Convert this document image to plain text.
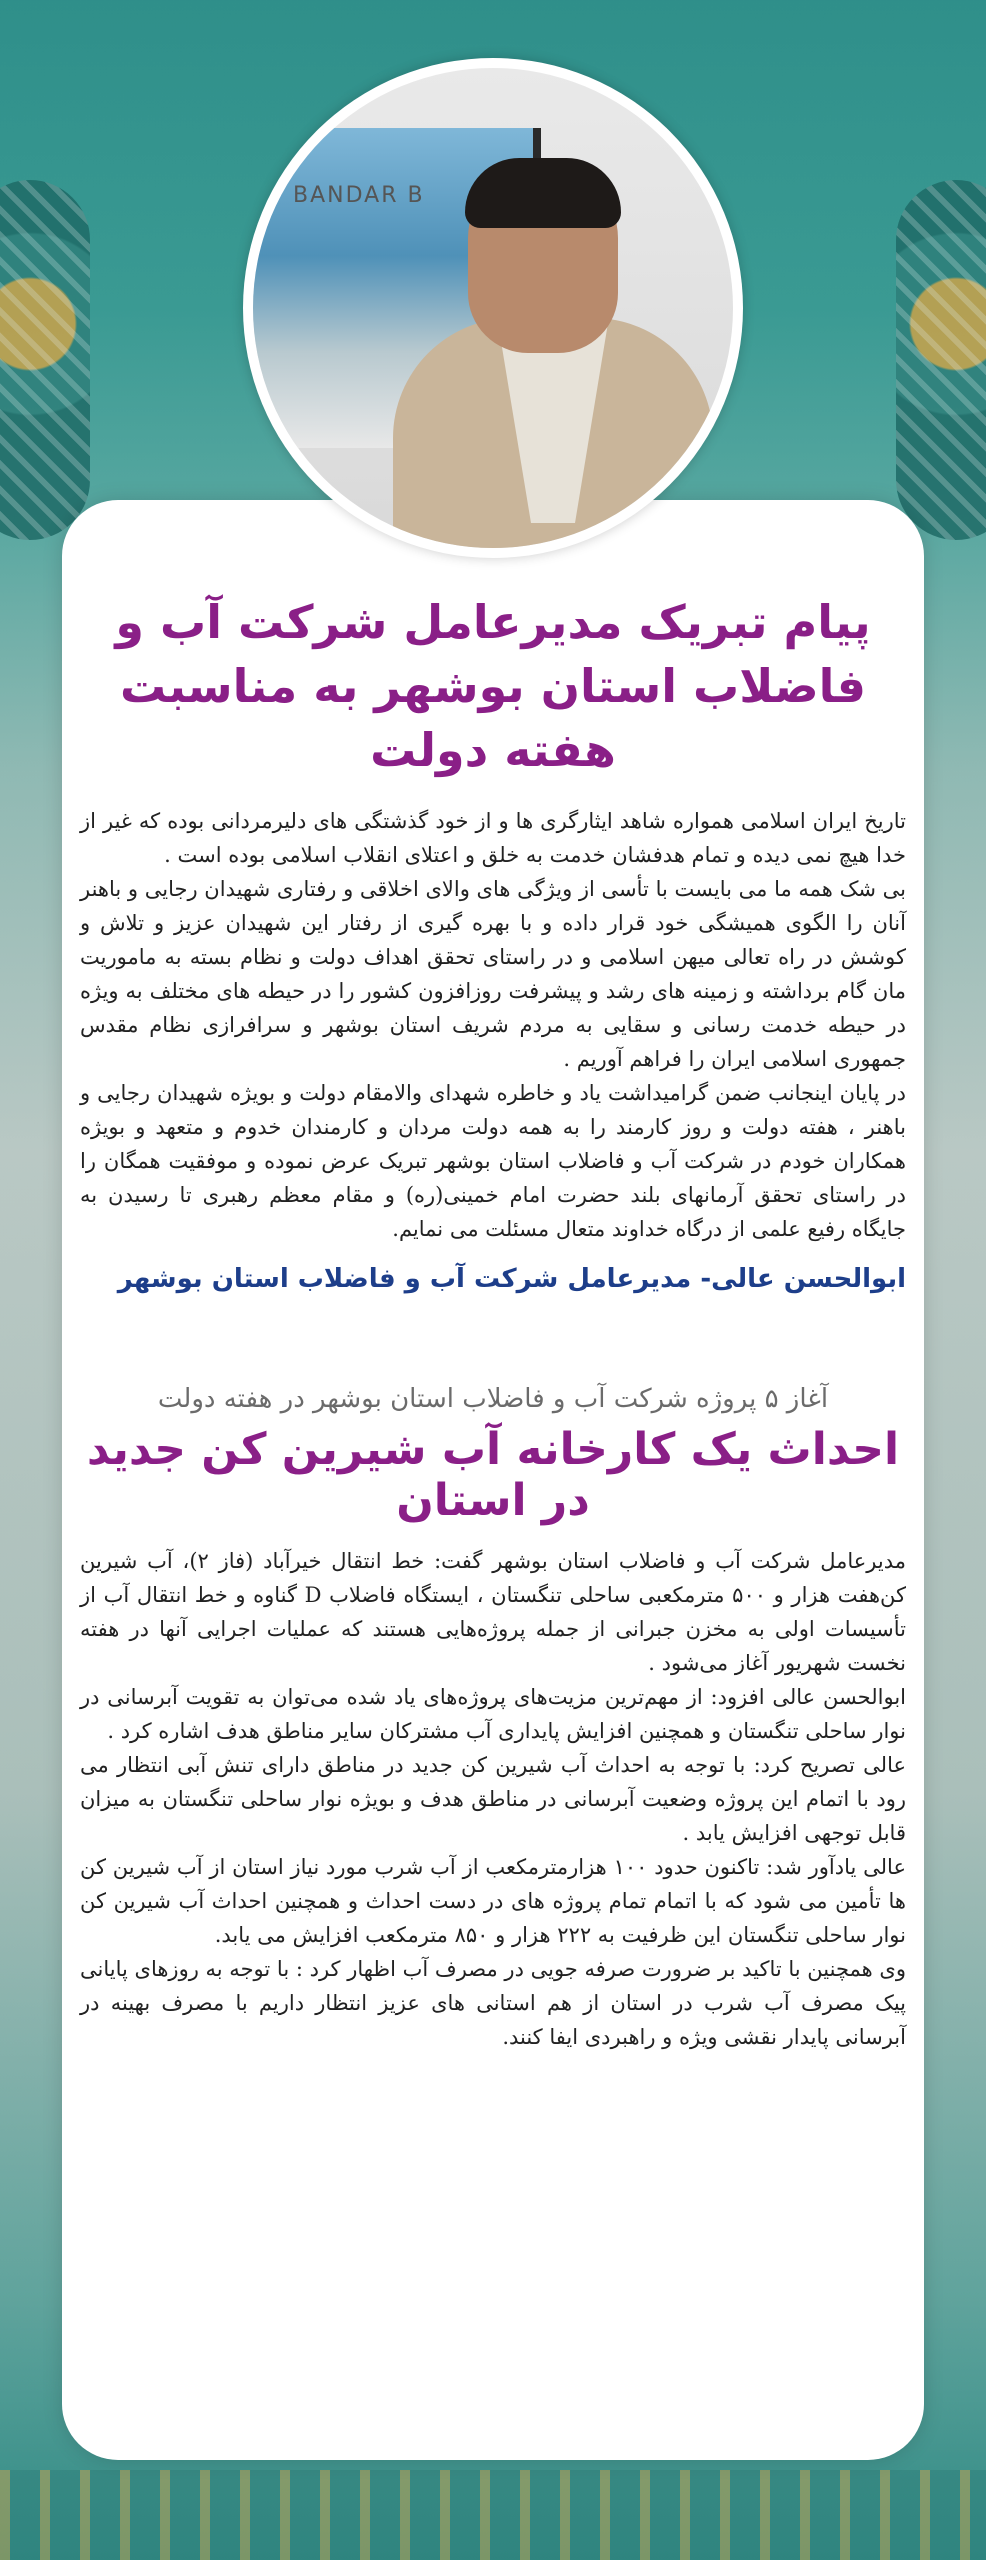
BANDAR B
پیام تبریک مدیرعامل شرکت آب و فاضلاب استان بوشهر به مناسبت هفته دولت

تاریخ ایران اسلامی همواره شاهد ایثارگری ها و از خود گذشتگی های دلیرمردانی بوده که غیر از خدا هیچ نمی دیده و تمام هدفشان خدمت به خلق و اعتلای انقلاب اسلامی بوده است .

بی شک همه ما می بایست با تأسی از ویژگی های والای اخلاقی و رفتاری شهیدان رجایی و باهنر آنان را الگوی همیشگی خود قرار داده و با بهره گیری از رفتار این شهیدان عزیز و تلاش و کوشش در راه تعالی میهن اسلامی و در راستای تحقق اهداف دولت و نظام بسته به ماموریت مان گام برداشته و زمینه های رشد و پیشرفت روزافزون کشور را در حیطه های مختلف به ویژه در حیطه خدمت رسانی و سقایی به مردم شریف استان بوشهر و سرافرازی نظام مقدس جمهوری اسلامی ایران را فراهم آوریم .

در پایان اینجانب ضمن گرامیداشت یاد و خاطره شهدای والامقام دولت و بویژه شهیدان رجایی و باهنر ، هفته دولت و روز کارمند را به همه دولت مردان و کارمندان خدوم و متعهد و بویژه همکاران خودم در شرکت آب و فاضلاب استان بوشهر تبریک عرض نموده و موفقیت همگان را در راستای تحقق آرمانهای بلند حضرت امام خمینی(ره) و مقام معظم رهبری تا رسیدن به جایگاه رفیع علمی از درگاه خداوند متعال مسئلت می نمایم.

ابوالحسن عالی- مدیرعامل شرکت آب و فاضلاب استان بوشهر

آغاز ۵ پروژه شرکت آب و فاضلاب استان بوشهر در هفته دولت

احداث یک کارخانه آب شیرین کن جدید در استان

مدیرعامل شرکت آب و فاضلاب استان بوشهر گفت: خط انتقال خیرآباد (فاز ۲)، آب شیرین کن‌هفت هزار و ۵۰۰ مترمکعبی ساحلی تنگستان ، ایستگاه فاضلاب D گناوه و خط انتقال آب از تأسیسات اولی به مخزن جبرانی از جمله پروژه‌هایی هستند که عملیات اجرایی آنها در هفته نخست شهریور آغاز می‌شود .

ابوالحسن عالی افزود: از مهم‌ترین مزیت‌های پروژه‌های یاد شده می‌توان به تقویت آبرسانی در نوار ساحلی تنگستان و همچنین افزایش پایداری آب مشترکان سایر مناطق هدف اشاره کرد .

عالی تصریح کرد: با توجه به احداث آب شیرین کن جدید در مناطق دارای تنش آبی انتظار می رود با اتمام این پروژه وضعیت آبرسانی در مناطق هدف و بویژه نوار ساحلی تنگستان به میزان قابل توجهی افزایش یابد .

عالی یادآور شد: تاکنون حدود ۱۰۰ هزارمترمکعب از آب شرب مورد نیاز استان از آب شیرین کن ها تأمین می شود که با اتمام تمام پروژه های در دست احداث و همچنین احداث آب شیرین کن نوار ساحلی تنگستان این ظرفیت به ۲۲۲ هزار و ۸۵۰ مترمکعب افزایش می یابد.

وی همچنین با تاکید بر ضرورت صرفه جویی در مصرف آب اظهار کرد : با توجه به روزهای پایانی پیک مصرف آب شرب در استان از هم استانی های عزیز انتظار داریم با مصرف بهینه در آبرسانی پایدار نقشی ویژه و راهبردی ایفا کنند.
